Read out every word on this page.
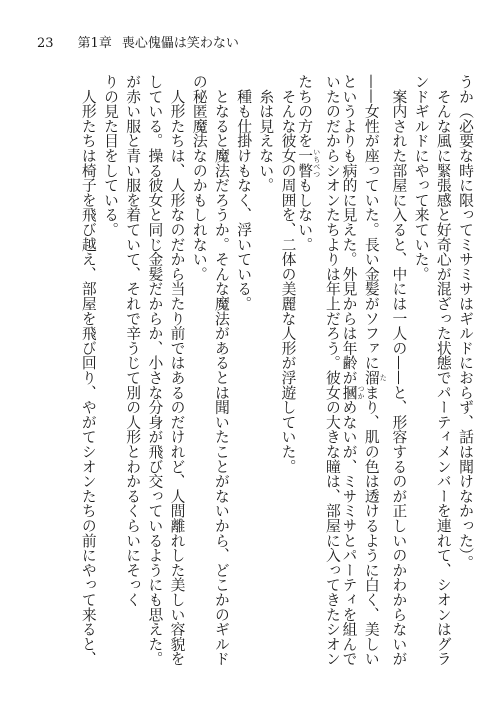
23 第1章 喪心傀儡は笑わない
うか（必要な時に限ってミサミサはギルドにおらず、話は聞けなかった）。
　そんな風に緊張感と好奇心が混ざった状態でパーティメンバーを連れて、シオンはグラ
ンドギルドにやって来ていた。
　案内された部屋に入ると、中には一人の——と、形容するのが正しいのかわからないが
——女性が座っていた。長い金髪がソファに溜 たまり、肌の色は透けるように白く、美しい
というよりも病的に見えた。外見からは年齢が摑 つかめないが、ミサミサとパーティを組んで
いたのだからシオンたちよりは年上だろう。彼女の大きな瞳は、部屋に入ってきたシオン
たちの方を一瞥 いちべつもしない。
　そんな彼女の周囲を、二体の美麗な人形が浮遊していた。
　糸は見えない。
　種も仕掛けもなく、浮いている。
　となると魔法だろうか。そんな魔法があるとは聞いたことがないから、どこかのギルド
の秘匿魔法なのかもしれない。
　人形たちは、人形なのだから当たり前ではあるのだけれど、人間離れした美しい容貌を
している。操る彼女と同じ金髪だからか、小さな分身が飛び交っているようにも思えた。
が赤い服と青い服を着ていて、それで辛うじて別の人形とわかるくらいにそっく
りの見た目をしている。
　人形たちは椅子を飛び越え、部屋を飛び回り、やがてシオンたちの前にやって来ると、
